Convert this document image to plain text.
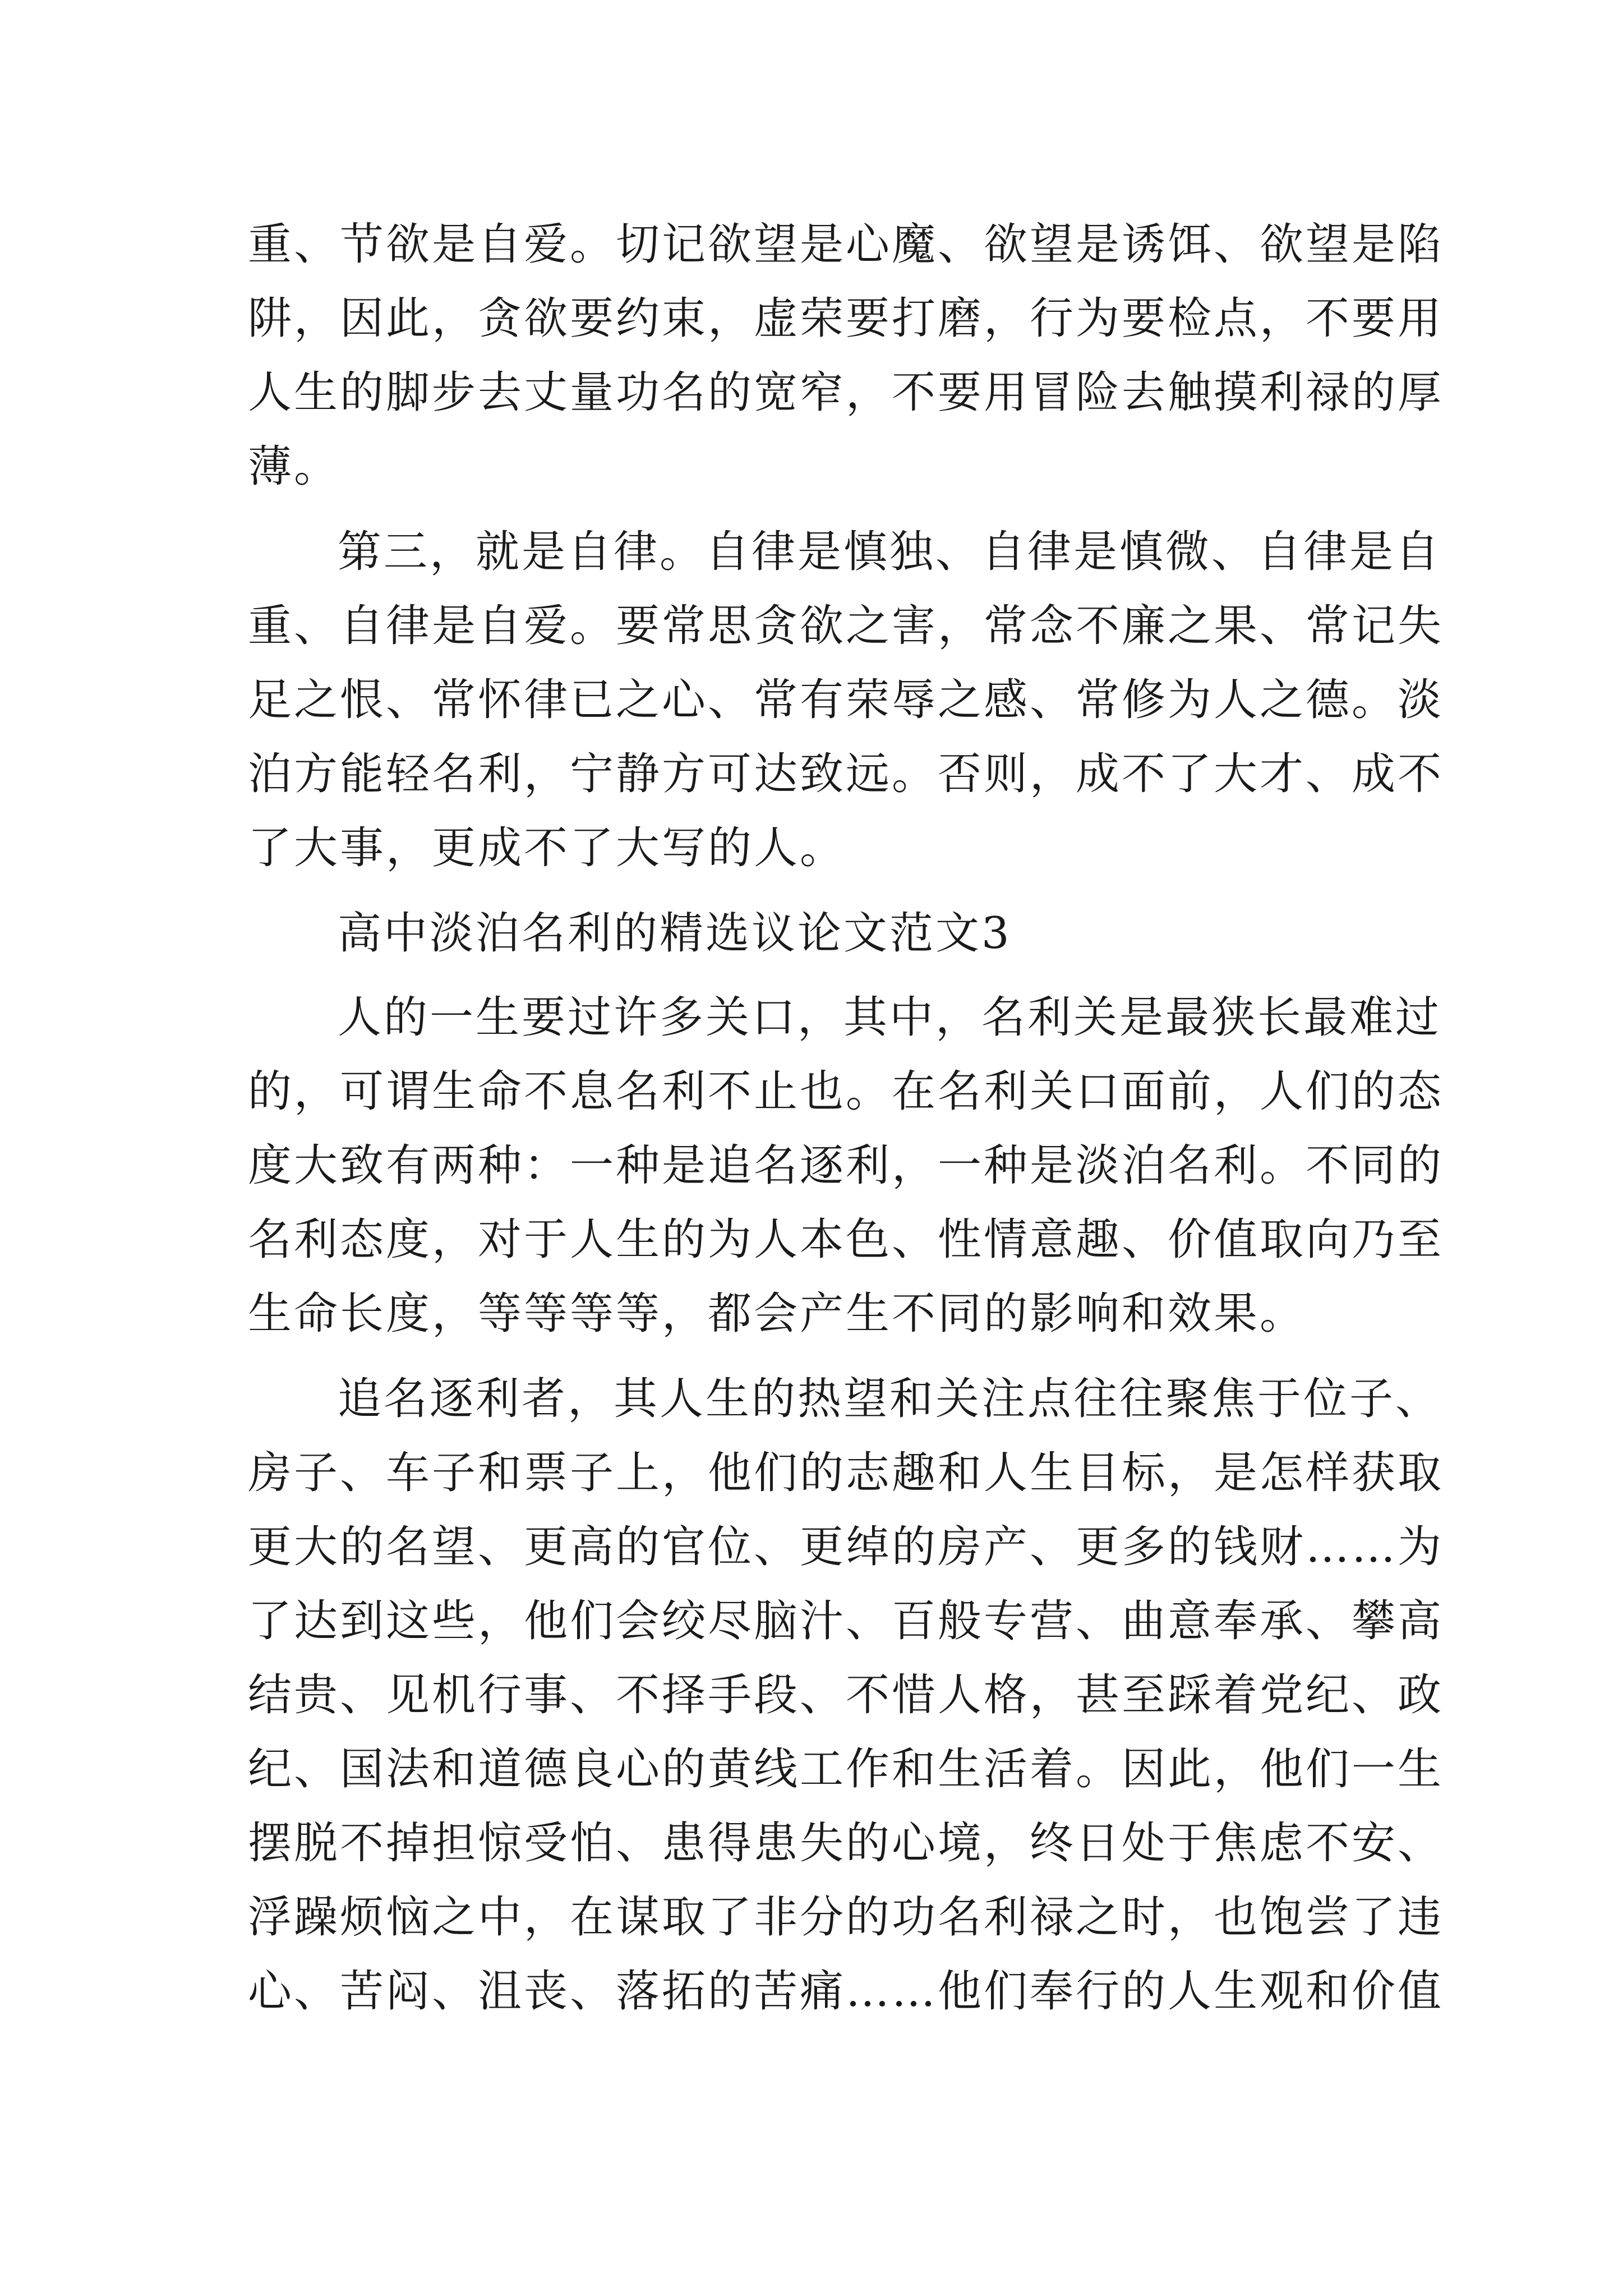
重、节欲是自爱。切记欲望是心魔、欲望是诱饵、欲望是陷
阱，因此，贪欲要约束，虚荣要打磨，行为要检点，不要用
人生的脚步去丈量功名的宽窄，不要用冒险去触摸利禄的厚
薄。
第三，就是自律。自律是慎独、自律是慎微、自律是自
重、自律是自爱。要常思贪欲之害，常念不廉之果、常记失
足之恨、常怀律已之心、常有荣辱之感、常修为人之德。淡
泊方能轻名利，宁静方可达致远。否则，成不了大才、成不
了大事，更成不了大写的人。
高中淡泊名利的精选议论文范文3
人的一生要过许多关口，其中，名利关是最狭长最难过
的，可谓生命不息名利不止也。在名利关口面前，人们的态
度大致有两种：一种是追名逐利，一种是淡泊名利。不同的
名利态度，对于人生的为人本色、性情意趣、价值取向乃至
生命长度，等等等等，都会产生不同的影响和效果。
追名逐利者，其人生的热望和关注点往往聚焦于位子、
房子、车子和票子上，他们的志趣和人生目标，是怎样获取
更大的名望、更高的官位、更绰的房产、更多的钱财……为
了达到这些，他们会绞尽脑汁、百般专营、曲意奉承、攀高
结贵、见机行事、不择手段、不惜人格，甚至踩着党纪、政
纪、国法和道德良心的黄线工作和生活着。因此，他们一生
摆脱不掉担惊受怕、患得患失的心境，终日处于焦虑不安、
浮躁烦恼之中，在谋取了非分的功名利禄之时，也饱尝了违
心、苦闷、沮丧、落拓的苦痛……他们奉行的人生观和价值
